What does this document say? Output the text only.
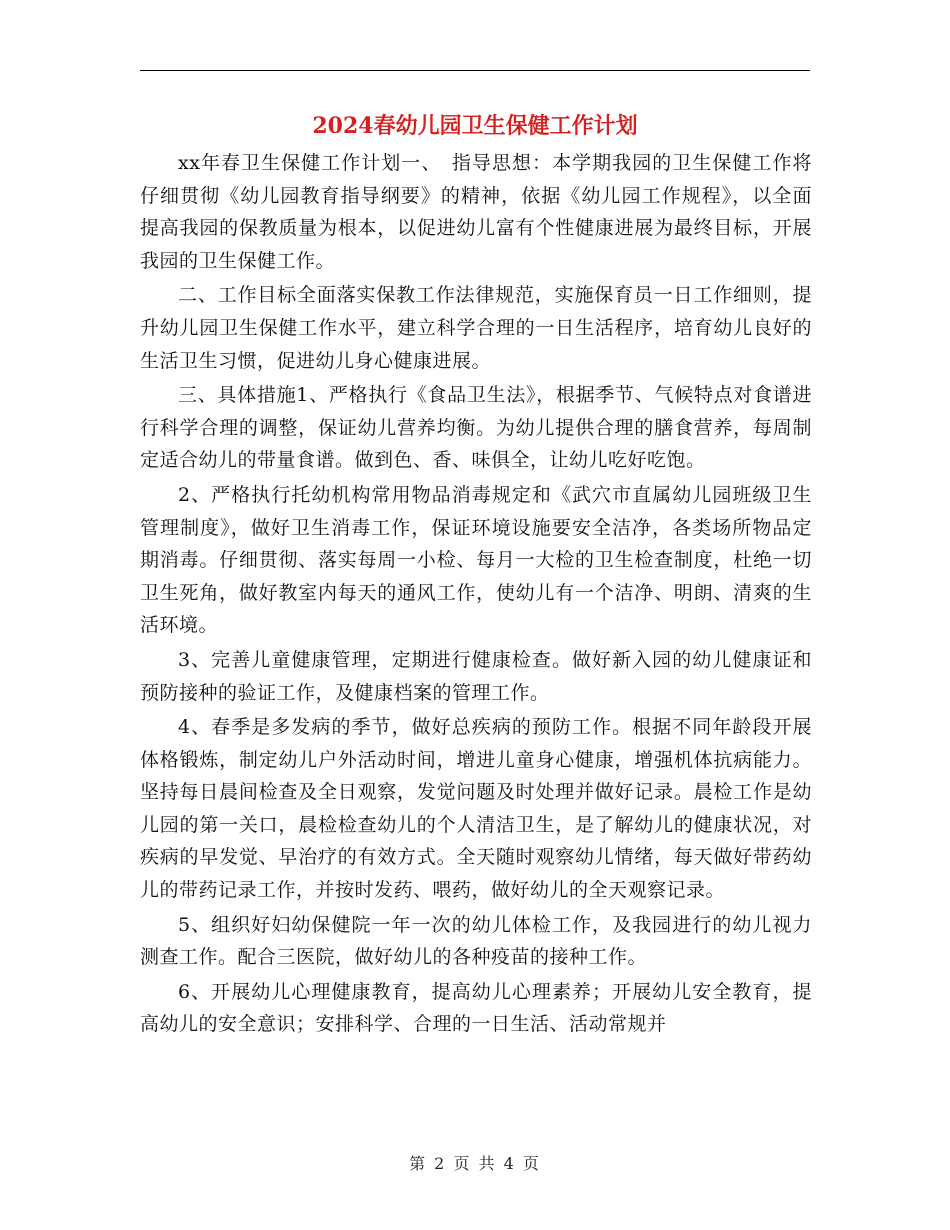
2024春幼儿园卫生保健工作计划

xx年春卫生保健工作计划一、　指导思想：本学期我园的卫生保健工作将仔细贯彻《幼儿园教育指导纲要》的精神，依据《幼儿园工作规程》，以全面提高我园的保教质量为根本，以促进幼儿富有个性健康进展为最终目标，开展我园的卫生保健工作。

二、工作目标全面落实保教工作法律规范，实施保育员一日工作细则，提升幼儿园卫生保健工作水平，建立科学合理的一日生活程序，培育幼儿良好的生活卫生习惯，促进幼儿身心健康进展。

三、具体措施1、严格执行《食品卫生法》，根据季节、气候特点对食谱进行科学合理的调整，保证幼儿营养均衡。为幼儿提供合理的膳食营养，每周制定适合幼儿的带量食谱。做到色、香、味俱全，让幼儿吃好吃饱。

2、严格执行托幼机构常用物品消毒规定和《武穴市直属幼儿园班级卫生管理制度》，做好卫生消毒工作，保证环境设施要安全洁净，各类场所物品定期消毒。仔细贯彻、落实每周一小检、每月一大检的卫生检查制度，杜绝一切卫生死角，做好教室内每天的通风工作，使幼儿有一个洁净、明朗、清爽的生活环境。

3、完善儿童健康管理，定期进行健康检查。做好新入园的幼儿健康证和预防接种的验证工作，及健康档案的管理工作。

4、春季是多发病的季节，做好总疾病的预防工作。根据不同年龄段开展体格锻炼，制定幼儿户外活动时间，增进儿童身心健康，增强机体抗病能力。坚持每日晨间检查及全日观察，发觉问题及时处理并做好记录。晨检工作是幼儿园的第一关口，晨检检查幼儿的个人清洁卫生，是了解幼儿的健康状况，对疾病的早发觉、早治疗的有效方式。全天随时观察幼儿情绪，每天做好带药幼儿的带药记录工作，并按时发药、喂药，做好幼儿的全天观察记录。

5、组织好妇幼保健院一年一次的幼儿体检工作，及我园进行的幼儿视力测查工作。配合三医院，做好幼儿的各种疫苗的接种工作。

6、开展幼儿心理健康教育，提高幼儿心理素养；开展幼儿安全教育，提高幼儿的安全意识；安排科学、合理的一日生活、活动常规并

第 2 页 共 4 页
